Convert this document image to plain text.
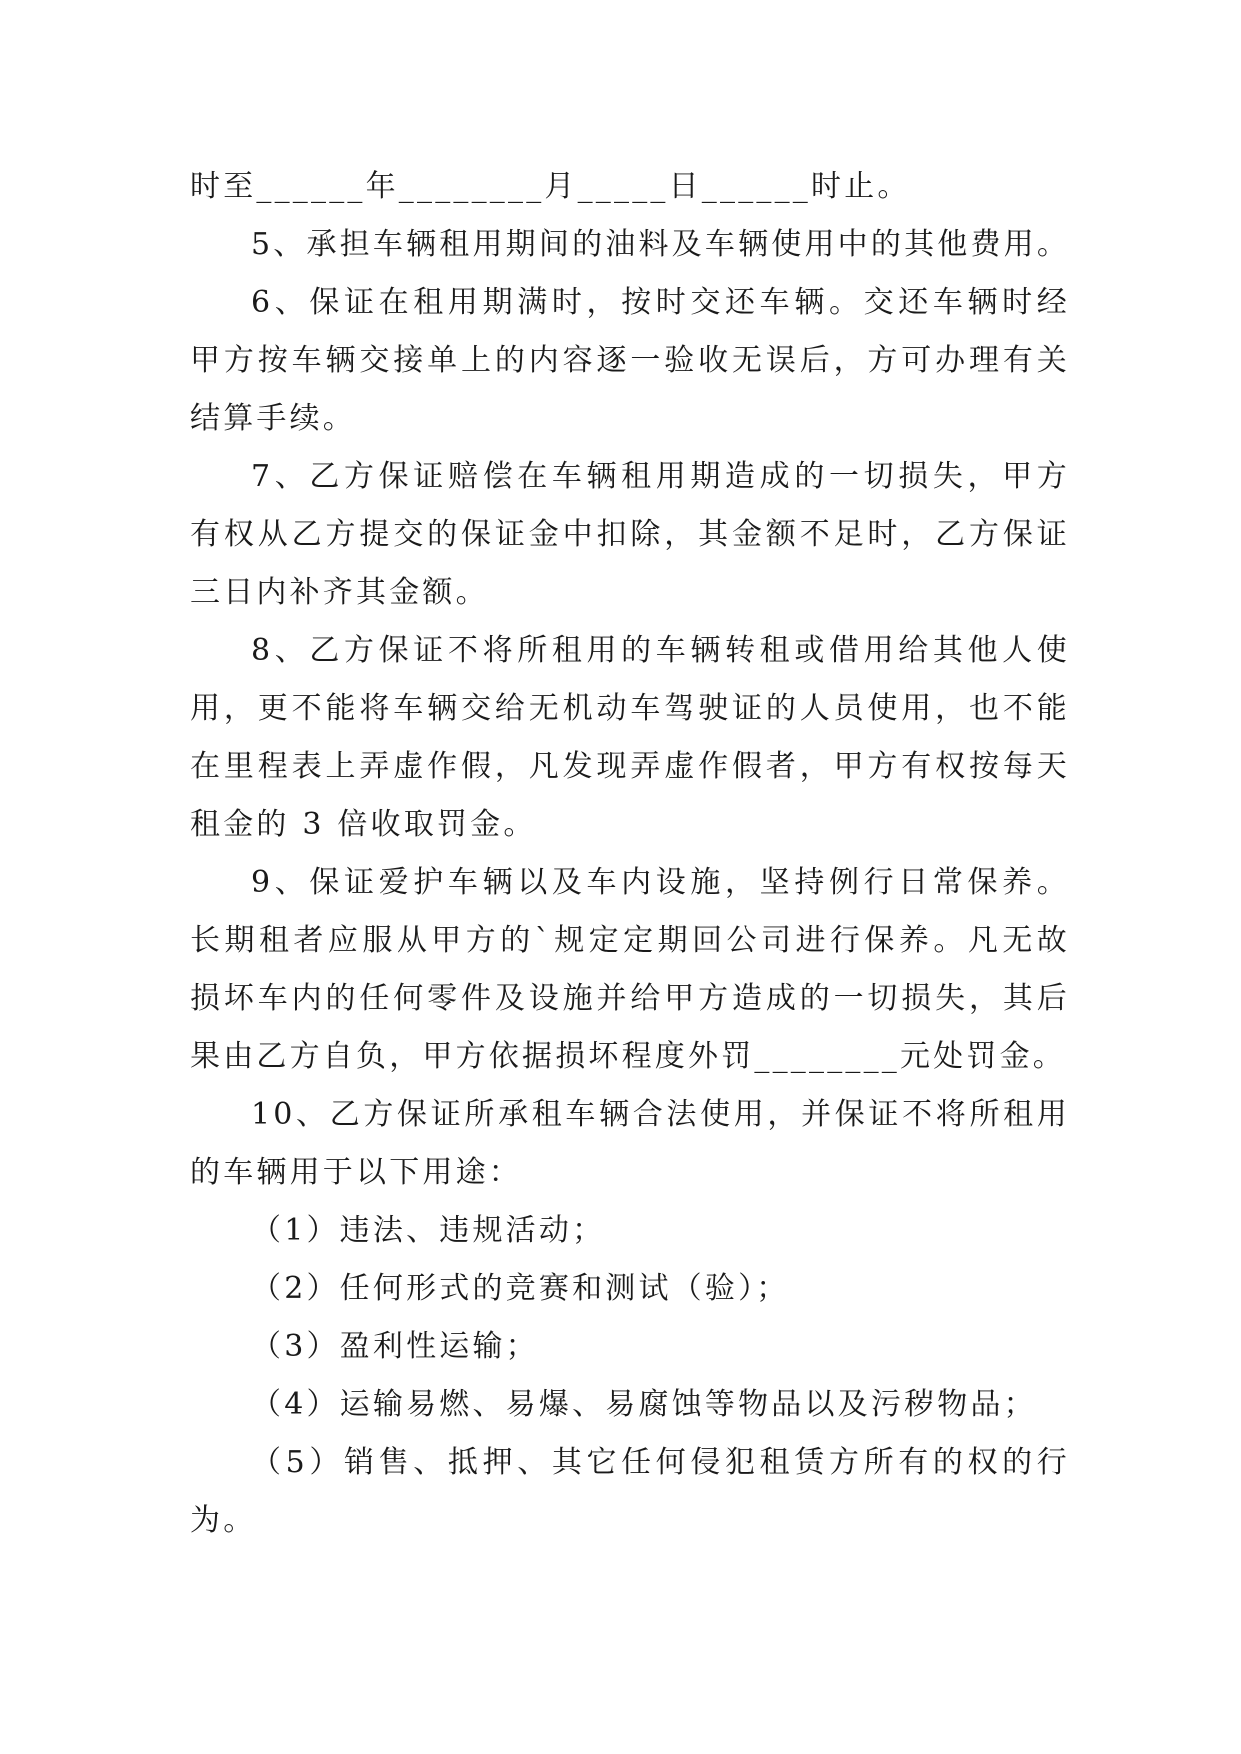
时至______年________月_____日______时止。

5、承担车辆租用期间的油料及车辆使用中的其他费用。

6、保证在租用期满时，按时交还车辆。交还车辆时经甲方按车辆交接单上的内容逐一验收无误后，方可办理有关结算手续。

7、乙方保证赔偿在车辆租用期造成的一切损失，甲方有权从乙方提交的保证金中扣除，其金额不足时，乙方保证三日内补齐其金额。

8、乙方保证不将所租用的车辆转租或借用给其他人使用，更不能将车辆交给无机动车驾驶证的人员使用，也不能在里程表上弄虚作假，凡发现弄虚作假者，甲方有权按每天租金的 3 倍收取罚金。

9、保证爱护车辆以及车内设施，坚持例行日常保养。长期租者应服从甲方的`规定定期回公司进行保养。凡无故损坏车内的任何零件及设施并给甲方造成的一切损失，其后果由乙方自负，甲方依据损坏程度外罚________元处罚金。

10、乙方保证所承租车辆合法使用，并保证不将所租用的车辆用于以下用途：

（1）违法、违规活动；

（2）任何形式的竞赛和测试（验）；

（3）盈利性运输；

（4）运输易燃、易爆、易腐蚀等物品以及污秽物品；

（5）销售、抵押、其它任何侵犯租赁方所有的权的行为。
